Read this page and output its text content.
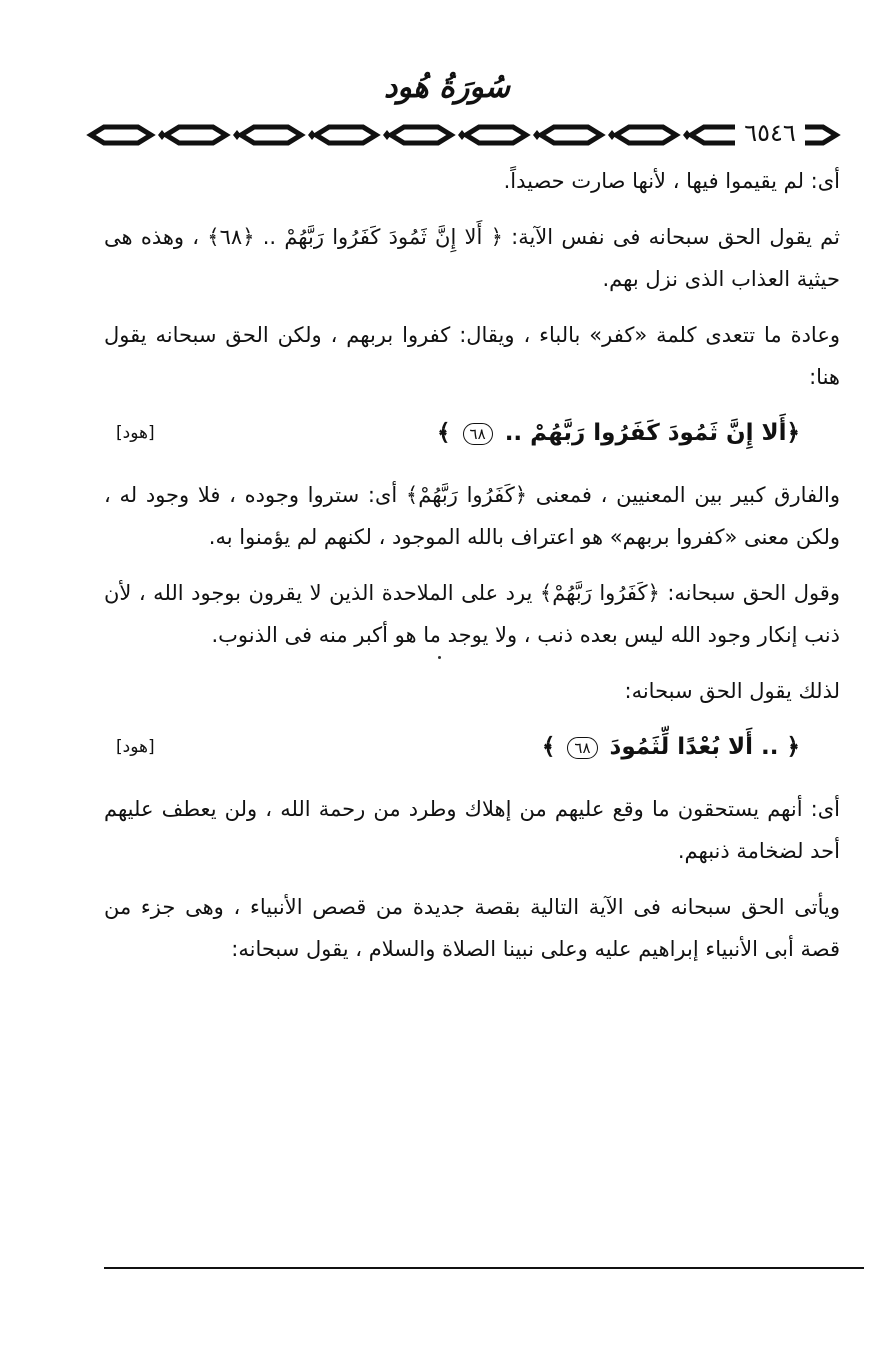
سُورَةُ هُود
٦٥٤٦

أى: لم يقيموا فيها ، لأنها صارت حصيداً.

ثم يقول الحق سبحانه فى نفس الآية: ﴿ أَلا إِنَّ ثَمُودَ كَفَرُوا رَبَّهُمْ .. ﴿٦٨﴾ ، وهذه هى حيثية العذاب الذى نزل بهم.

وعادة ما تتعدى كلمة «كفر» بالباء ، ويقال: كفروا بربهم ، ولكن الحق سبحانه يقول هنا:

﴿أَلا إِنَّ ثَمُودَ كَفَرُوا رَبَّهُمْ .. ٦٨ ﴾
[هود]

والفارق كبير بين المعنيين ، فمعنى ﴿كَفَرُوا رَبَّهُمْ﴾ أى: ستروا وجوده ، فلا وجود له ، ولكن معنى «كفروا بربهم» هو اعتراف بالله الموجود ، لكنهم لم يؤمنوا به.

وقول الحق سبحانه: ﴿كَفَرُوا رَبَّهُمْ﴾ يرد على الملاحدة الذين لا يقرون بوجود الله ، لأن ذنب إنكار وجود الله ليس بعده ذنب ، ولا يوجد ما هو أكبر منه فى الذنوب.

لذلك يقول الحق سبحانه:

﴿ .. أَلا بُعْدًا لِّثَمُودَ ٦٨ ﴾
[هود]

أى: أنهم يستحقون ما وقع عليهم من إهلاك وطرد من رحمة الله ، ولن يعطف عليهم أحد لضخامة ذنبهم.

ويأتى الحق سبحانه فى الآية التالية بقصة جديدة من قصص الأنبياء ، وهى جزء من قصة أبى الأنبياء إبراهيم عليه وعلى نبينا الصلاة والسلام ، يقول سبحانه:
